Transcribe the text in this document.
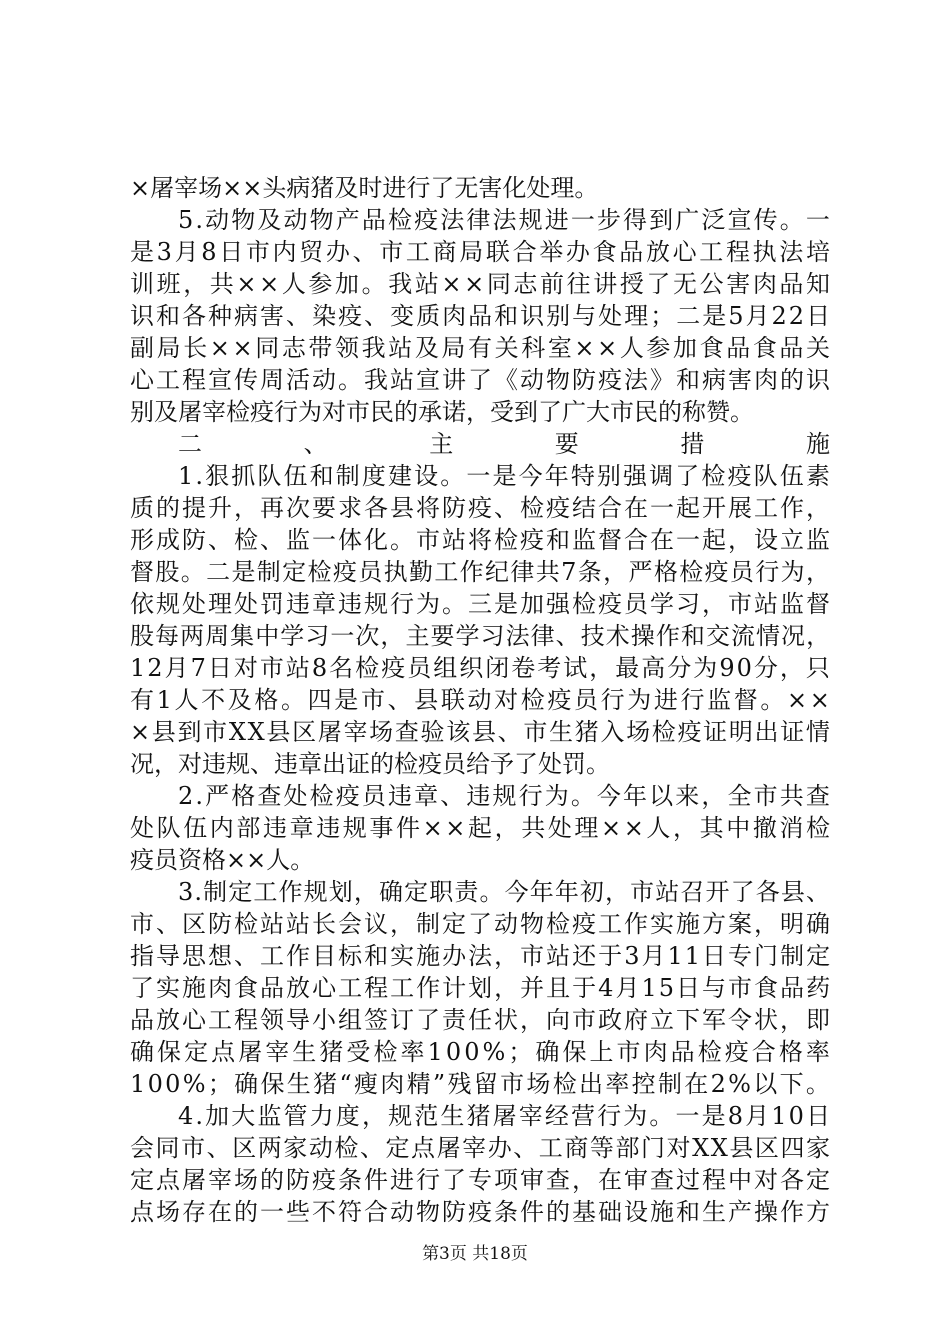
×屠宰场××头病猪及时进行了无害化处理。
5.动物及动物产品检疫法律法规进一步得到广泛宣传。一
是3月8日市内贸办、市工商局联合举办食品放心工程执法培
训班，共××人参加。我站××同志前往讲授了无公害肉品知
识和各种病害、染疫、变质肉品和识别与处理；二是5月22日
副局长××同志带领我站及局有关科室××人参加食品食品关
心工程宣传周活动。我站宣讲了《动物防疫法》和病害肉的识
别及屠宰检疫行为对市民的承诺，受到了广大市民的称赞。
二、主要措施
1.狠抓队伍和制度建设。一是今年特别强调了检疫队伍素
质的提升，再次要求各县将防疫、检疫结合在一起开展工作，
形成防、检、监一体化。市站将检疫和监督合在一起，设立监
督股。二是制定检疫员执勤工作纪律共7条，严格检疫员行为，
依规处理处罚违章违规行为。三是加强检疫员学习，市站监督
股每两周集中学习一次，主要学习法律、技术操作和交流情况，
12月7日对市站8名检疫员组织闭卷考试，最高分为90分，只
有1人不及格。四是市、县联动对检疫员行为进行监督。××
×县到市XX县区屠宰场查验该县、市生猪入场检疫证明出证情
况，对违规、违章出证的检疫员给予了处罚。
2.严格查处检疫员违章、违规行为。今年以来，全市共查
处队伍内部违章违规事件××起，共处理××人，其中撤消检
疫员资格××人。
3.制定工作规划，确定职责。今年年初，市站召开了各县、
市、区防检站站长会议，制定了动物检疫工作实施方案，明确
指导思想、工作目标和实施办法，市站还于3月11日专门制定
了实施肉食品放心工程工作计划，并且于4月15日与市食品药
品放心工程领导小组签订了责任状，向市政府立下军令状，即
确保定点屠宰生猪受检率100%；确保上市肉品检疫合格率
100%；确保生猪“瘦肉精”残留市场检出率控制在2%以下。
4.加大监管力度，规范生猪屠宰经营行为。一是8月10日
会同市、区两家动检、定点屠宰办、工商等部门对XX县区四家
定点屠宰场的防疫条件进行了专项审查，在审查过程中对各定
点场存在的一些不符合动物防疫条件的基础设施和生产操作方
第3页 共18页
